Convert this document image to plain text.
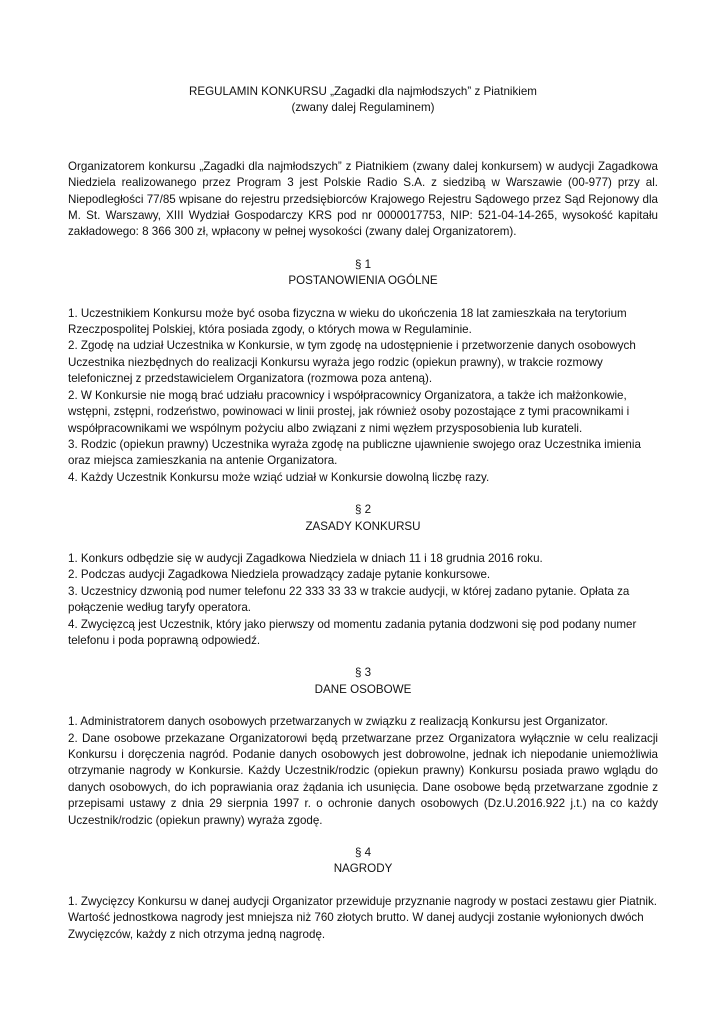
REGULAMIN KONKURSU „Zagadki dla najmłodszych” z Piatnikiem
(zwany dalej Regulaminem)

Organizatorem konkursu „Zagadki dla najmłodszych” z Piatnikiem (zwany dalej konkursem) w audycji Zagadkowa Niedziela realizowanego przez Program 3 jest Polskie Radio S.A. z siedzibą w Warszawie (00-977) przy al. Niepodległości 77/85 wpisane do rejestru przedsiębiorców Krajowego Rejestru Sądowego przez Sąd Rejonowy dla M. St. Warszawy, XIII Wydział Gospodarczy KRS pod nr 0000017753, NIP: 521-04-14-265, wysokość kapitału zakładowego: 8 366 300 zł, wpłacony w pełnej wysokości (zwany dalej Organizatorem).

§ 1
POSTANOWIENIA OGÓLNE

1. Uczestnikiem Konkursu może być osoba fizyczna w wieku do ukończenia 18 lat zamieszkała na terytorium Rzeczpospolitej Polskiej, która posiada zgody, o których mowa w Regulaminie.

2. Zgodę na udział Uczestnika w Konkursie, w tym zgodę na udostępnienie i przetworzenie danych osobowych Uczestnika niezbędnych do realizacji Konkursu wyraża jego rodzic (opiekun prawny), w trakcie rozmowy telefonicznej z przedstawicielem Organizatora (rozmowa poza anteną).

2. W Konkursie nie mogą brać udziału pracownicy i współpracownicy Organizatora, a także ich małżonkowie, wstępni, zstępni, rodzeństwo, powinowaci w linii prostej, jak również osoby pozostające z tymi pracownikami i współpracownikami we wspólnym pożyciu albo związani z nimi węzłem przysposobienia lub kurateli.

3. Rodzic (opiekun prawny) Uczestnika wyraża zgodę na publiczne ujawnienie swojego oraz Uczestnika imienia oraz miejsca zamieszkania na antenie Organizatora.

4. Każdy Uczestnik Konkursu może wziąć udział w Konkursie dowolną liczbę razy.

§ 2
ZASADY KONKURSU

1. Konkurs odbędzie się w audycji Zagadkowa Niedziela w dniach 11 i 18 grudnia 2016 roku.

2. Podczas audycji Zagadkowa Niedziela prowadzący zadaje pytanie konkursowe.

3. Uczestnicy dzwonią pod numer telefonu 22 333 33 33 w trakcie audycji, w której zadano pytanie. Opłata za połączenie według taryfy operatora.

4. Zwycięzcą jest Uczestnik, który jako pierwszy od momentu zadania pytania dodzwoni się pod podany numer telefonu i poda poprawną odpowiedź.

§ 3
DANE OSOBOWE

1. Administratorem danych osobowych przetwarzanych w związku z realizacją Konkursu jest Organizator.

2. Dane osobowe przekazane Organizatorowi będą przetwarzane przez Organizatora wyłącznie w celu realizacji Konkursu i doręczenia nagród. Podanie danych osobowych jest dobrowolne, jednak ich niepodanie uniemożliwia otrzymanie nagrody w Konkursie. Każdy Uczestnik/rodzic (opiekun prawny) Konkursu posiada prawo wglądu do danych osobowych, do ich poprawiania oraz żądania ich usunięcia. Dane osobowe będą przetwarzane zgodnie z przepisami ustawy z dnia 29 sierpnia 1997 r. o ochronie danych osobowych (Dz.U.2016.922 j.t.) na co każdy Uczestnik/rodzic (opiekun prawny) wyraża zgodę.

§ 4
NAGRODY

1. Zwycięzcy Konkursu w danej audycji Organizator przewiduje przyznanie nagrody w postaci zestawu gier Piatnik. Wartość jednostkowa nagrody jest mniejsza niż 760 złotych brutto. W danej audycji zostanie wyłonionych dwóch Zwycięzców, każdy z nich otrzyma jedną nagrodę.
